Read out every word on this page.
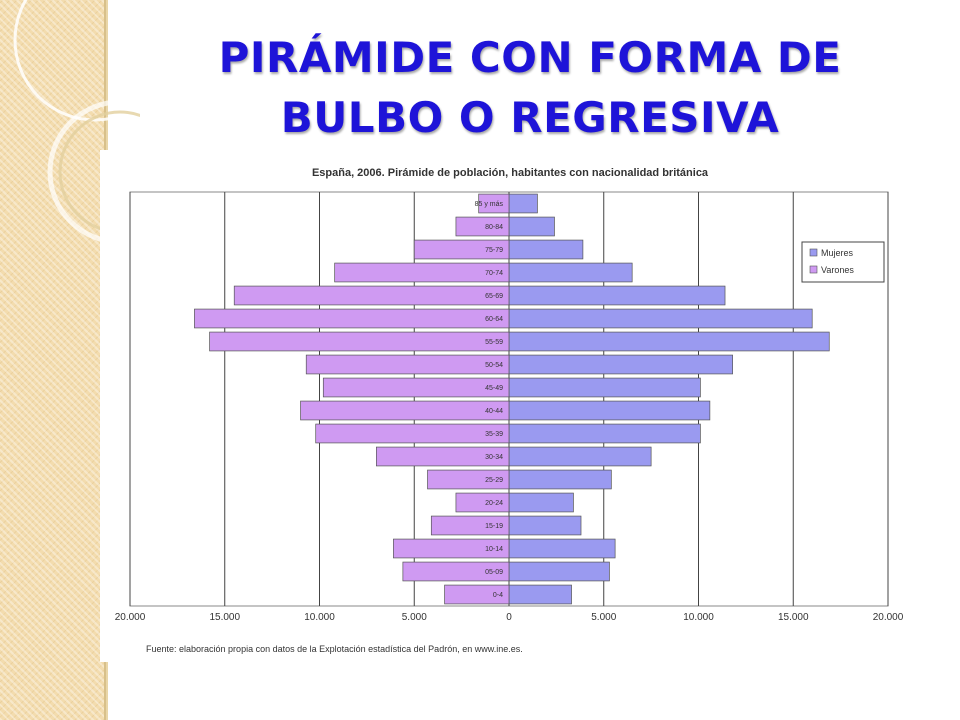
PIRÁMIDE CON FORMA DE
BULBO O REGRESIVA
España, 2006. Pirámide de población, habitantes con nacionalidad británica
0-4
05-09
10-14
15-19
20-24
25-29
30-34
35-39
40-44
45-49
50-54
55-59
60-64
65-69
70-74
75-79
80-84
85 y más
20.000	15.000	10.000	5.000	0	5.000	10.000	15.000	20.000
Mujeres
Varones
Fuente: elaboración propia con datos de la Explotación estadística del Padrón, en www.ine.es.
